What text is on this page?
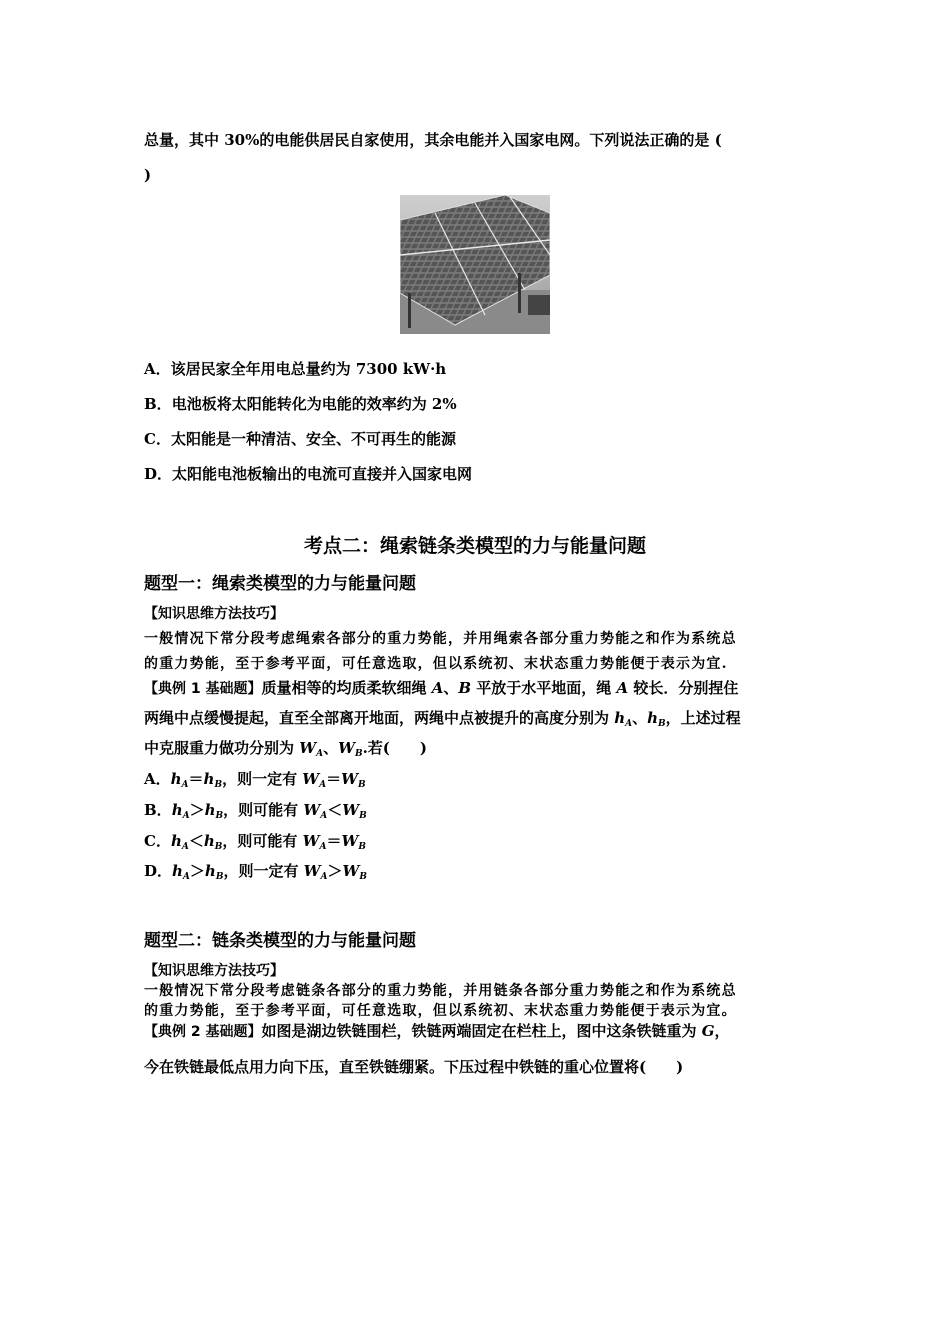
总量，其中 30%的电能供居民自家使用，其余电能并入国家电网。下列说法正确的是 (
)
A．该居民家全年用电总量约为 7300 kW·h
B．电池板将太阳能转化为电能的效率约为 2%
C．太阳能是一种清洁、安全、不可再生的能源
D．太阳能电池板输出的电流可直接并入国家电网
考点二：绳索链条类模型的力与能量问题
题型一：绳索类模型的力与能量问题
【知识思维方法技巧】
一般情况下常分段考虑绳索各部分的重力势能，并用绳索各部分重力势能之和作为系统总
的重力势能，至于参考平面，可任意选取，但以系统初、末状态重力势能便于表示为宜.
【典例 1 基础题】质量相等的均质柔软细绳 A、B 平放于水平地面，绳 A 较长．分别捏住
两绳中点缓慢提起，直至全部离开地面，两绳中点被提升的高度分别为 $h_A$、$h_B$，上述过程
中克服重力做功分别为 $W_A$、$W_B$.若(　　)
A．$h_A=h_B$，则一定有 $W_A=W_B$
B．$h_A>h_B$，则可能有 $W_A<W_B$
C．$h_A<h_B$，则可能有 $W_A=W_B$
D．$h_A>h_B$，则一定有 $W_A>W_B$
题型二：链条类模型的力与能量问题
【知识思维方法技巧】
一般情况下常分段考虑链条各部分的重力势能，并用链条各部分重力势能之和作为系统总
的重力势能，至于参考平面，可任意选取，但以系统初、末状态重力势能便于表示为宜。
【典例 2 基础题】如图是湖边铁链围栏，铁链两端固定在栏柱上，图中这条铁链重为 G，
今在铁链最低点用力向下压，直至铁链绷紧。下压过程中铁链的重心位置将(　　)
